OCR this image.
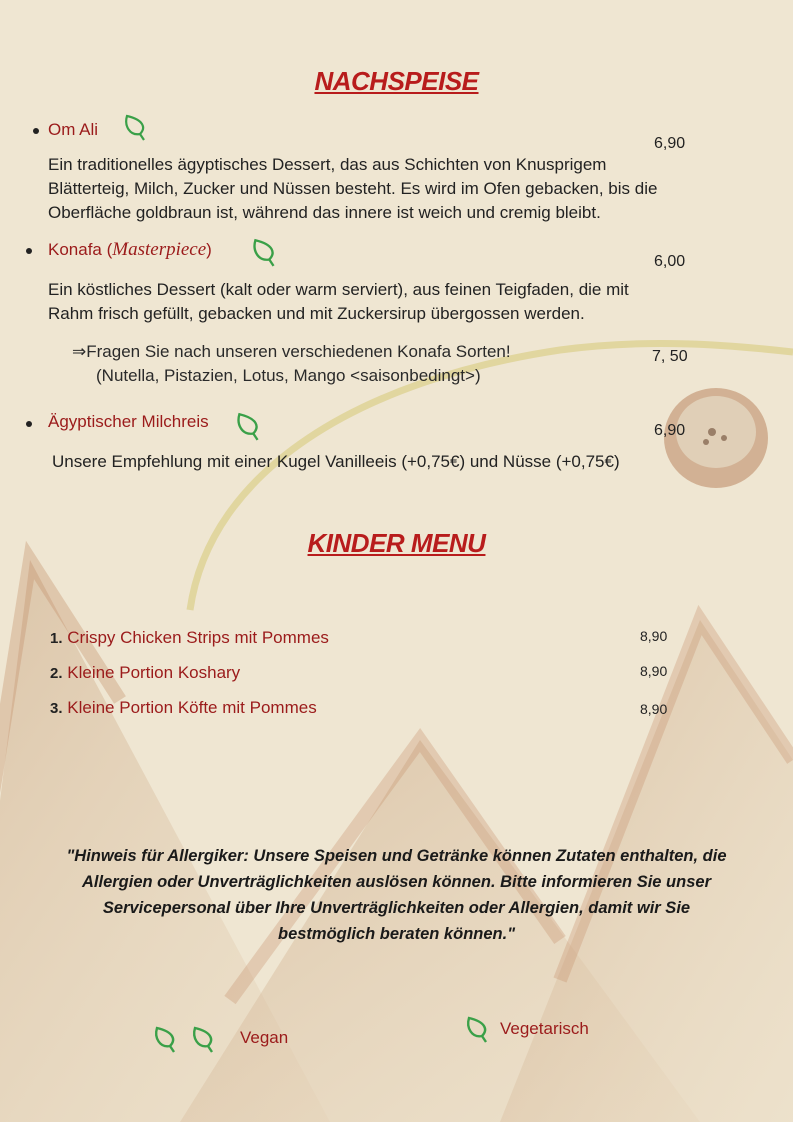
NACHSPEISE
Om Ali
6,90
Ein traditionelles ägyptisches Dessert, das aus Schichten von Knusprigem
Blätterteig, Milch, Zucker und Nüssen besteht. Es wird im Ofen gebacken, bis die
Oberfläche goldbraun ist, während das innere ist weich und cremig bleibt.
Konafa (Masterpiece)
6,00
Ein köstliches Dessert (kalt oder warm serviert), aus feinen Teigfaden, die mit
Rahm frisch gefüllt, gebacken und mit Zuckersirup übergossen werden.
⇒Fragen Sie nach unseren verschiedenen Konafa Sorten!
(Nutella, Pistazien, Lotus, Mango <saisonbedingt>)
7, 50
Ägyptischer Milchreis	6,90
Unsere Empfehlung mit einer Kugel Vanilleeis (+0,75€) und Nüsse (+0,75€)
KINDER MENU
1. Crispy Chicken Strips mit Pommes	8,90
2. Kleine Portion Koshary	8,90
3. Kleine Portion Köfte mit Pommes	8,90
"Hinweis für Allergiker: Unsere Speisen und Getränke können Zutaten enthalten, die
Allergien oder Unverträglichkeiten auslösen können. Bitte informieren Sie unser
Servicepersonal über Ihre Unverträglichkeiten oder Allergien, damit wir Sie
bestmöglich beraten können."
Vegan	Vegetarisch
